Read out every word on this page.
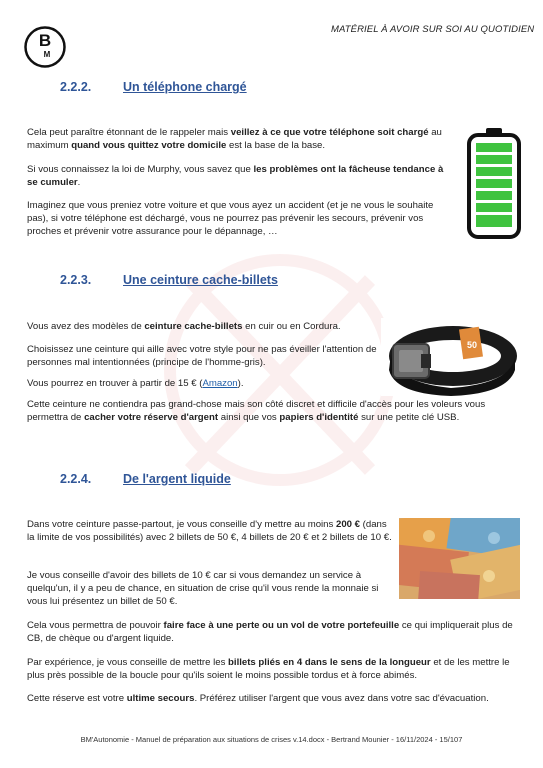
MATÉRIEL À AVOIR SUR SOI AU QUOTIDIEN
B
M
2.2.2.	Un téléphone chargé

Cela peut paraître étonnant de le rappeler mais veillez à ce que votre téléphone soit chargé au maximum quand vous quittez votre domicile est la base de la base.

Si vous connaissez la loi de Murphy, vous savez que les problèmes ont la fâcheuse tendance à se cumuler.

Imaginez que vous preniez votre voiture et que vous ayez un accident (et je ne vous le souhaite pas), si votre téléphone est déchargé, vous ne pourrez pas prévenir les secours, prévenir vos proches et prévenir votre assurance pour le dépannage, …

2.2.3.	Une ceinture cache-billets

Vous avez des modèles de ceinture cache-billets en cuir ou en Cordura.

Choisissez une ceinture qui aille avec votre style pour ne pas éveiller l'attention de personnes mal intentionnées (principe de l'homme-gris).

Vous pourrez en trouver à partir de 15 € (Amazon).

Cette ceinture ne contiendra pas grand-chose mais son côté discret et difficile d'accès pour les voleurs vous permettra de cacher votre réserve d'argent ainsi que vos papiers d'identité sur une petite clé USB.

50
2.2.4.	De l'argent liquide

Dans votre ceinture passe-partout, je vous conseille d'y mettre au moins 200 € (dans la limite de vos possibilités) avec 2 billets de 50 €, 4 billets de 20 € et 2 billets de 10 €.

Je vous conseille d'avoir des billets de 10 € car si vous demandez un service à quelqu'un, il y a peu de chance, en situation de crise qu'il vous rende la monnaie si vous lui présentez un billet de 50 €.

Cela vous permettra de pouvoir faire face à une perte ou un vol de votre portefeuille ce qui impliquerait plus de CB, de chèque ou d'argent liquide.

Par expérience, je vous conseille de mettre les billets pliés en 4 dans le sens de la longueur et de les mettre le plus près possible de la boucle pour qu'ils soient le moins possible tordus et à force abimés.

Cette réserve est votre ultime secours. Préférez utiliser l'argent que vous avez dans votre sac d'évacuation.

BM'Autonomie - Manuel de préparation aux situations de crises v.14.docx - Bertrand Mounier - 16/11/2024 - 15/107
